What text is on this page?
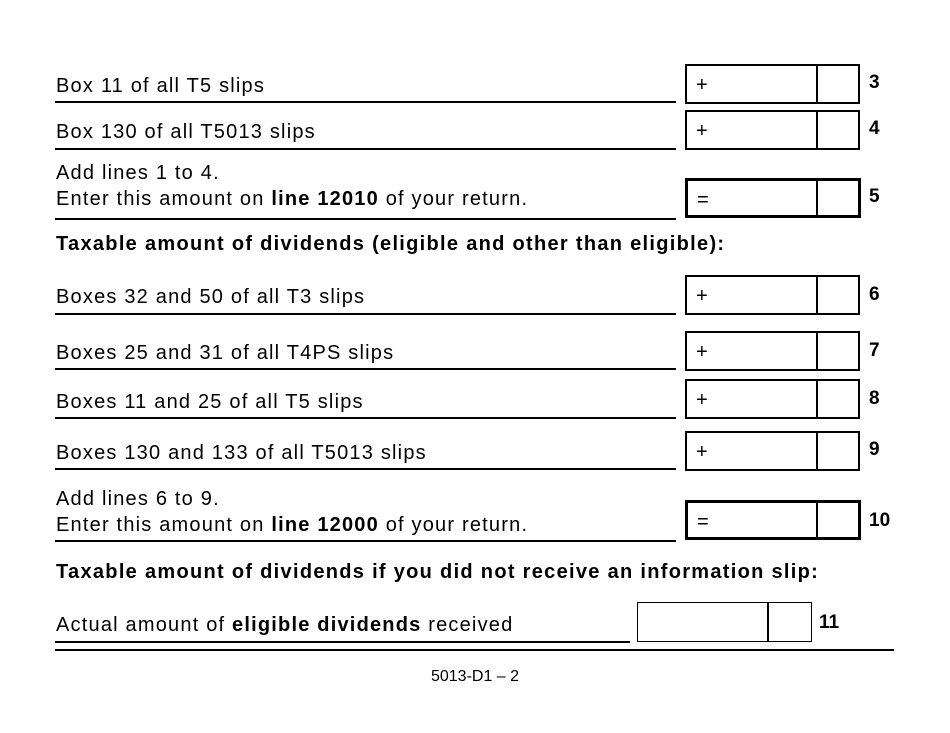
Box 11 of all T5 slips	+	3
Box 130 of all T5013 slips	+	4
Add lines 1 to 4.
Enter this amount on line 12010 of your return.	=	5
Taxable amount of dividends (eligible and other than eligible):
Boxes 32 and 50 of all T3 slips	+	6
Boxes 25 and 31 of all T4PS slips	+	7
Boxes 11 and 25 of all T5 slips	+	8
Boxes 130 and 133 of all T5013 slips	+	9
Add lines 6 to 9.
Enter this amount on line 12000 of your return.	=	10
Taxable amount of dividends if you did not receive an information slip:
Actual amount of eligible dividends received	11
5013-D1 – 2
